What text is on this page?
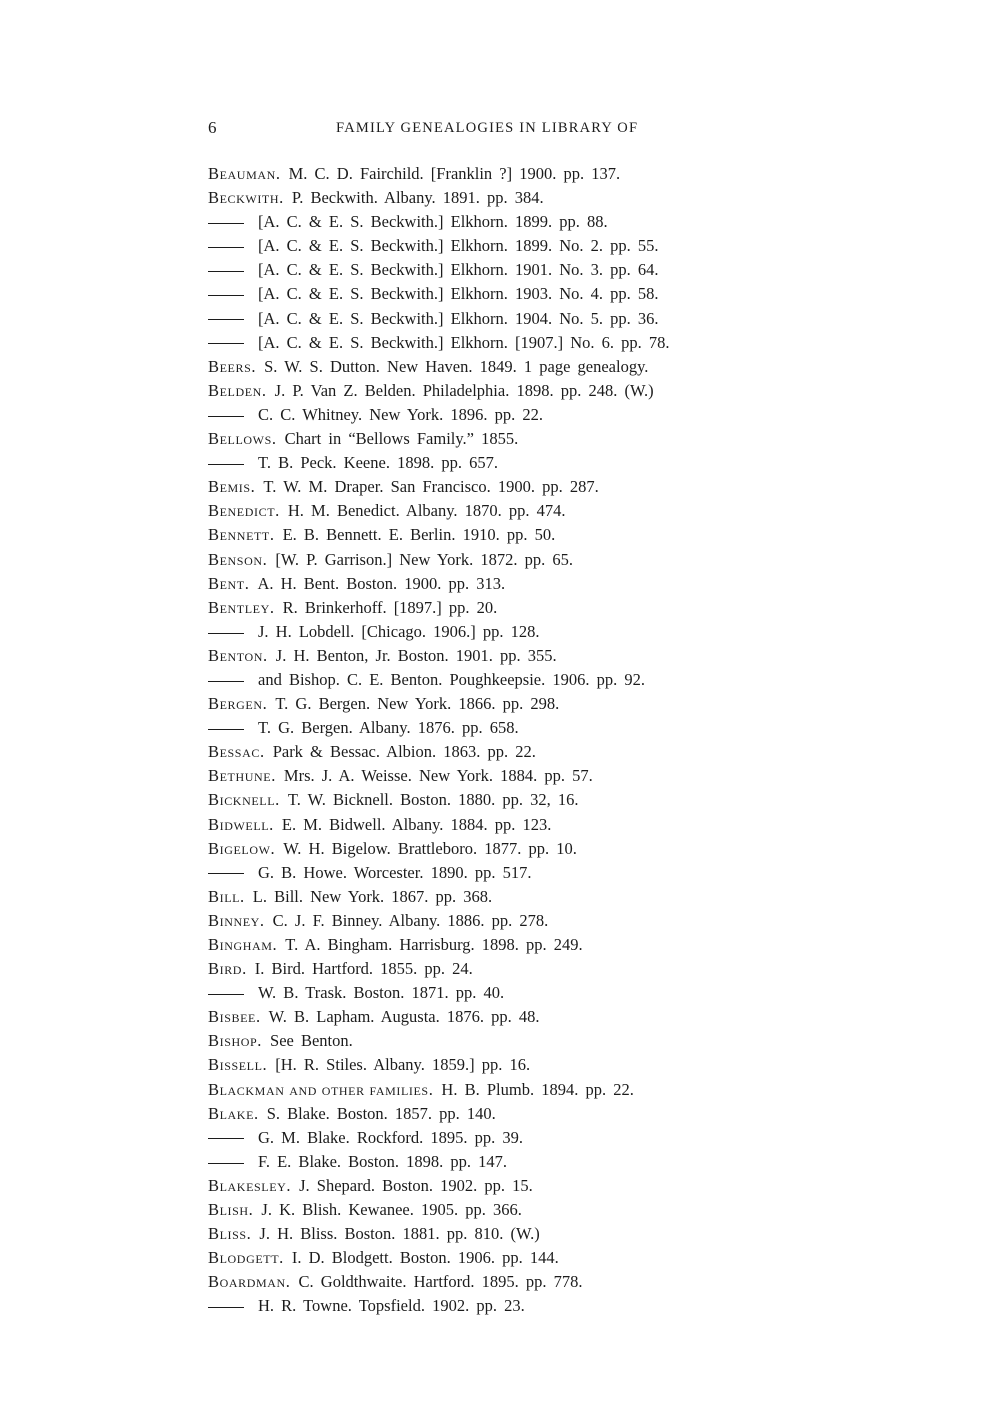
6	FAMILY GENEALOGIES IN LIBRARY OF
Beauman. M. C. D. Fairchild. [Franklin ?] 1900. pp. 137.
Beckwith. P. Beckwith. Albany. 1891. pp. 384.
[A. C. & E. S. Beckwith.] Elkhorn. 1899. pp. 88.
[A. C. & E. S. Beckwith.] Elkhorn. 1899. No. 2. pp. 55.
[A. C. & E. S. Beckwith.] Elkhorn. 1901. No. 3. pp. 64.
[A. C. & E. S. Beckwith.] Elkhorn. 1903. No. 4. pp. 58.
[A. C. & E. S. Beckwith.] Elkhorn. 1904. No. 5. pp. 36.
[A. C. & E. S. Beckwith.] Elkhorn. [1907.] No. 6. pp. 78.
Beers. S. W. S. Dutton. New Haven. 1849. 1 page genealogy.
Belden. J. P. Van Z. Belden. Philadelphia. 1898. pp. 248. (W.)
C. C. Whitney. New York. 1896. pp. 22.
Bellows. Chart in “Bellows Family.” 1855.
T. B. Peck. Keene. 1898. pp. 657.
Bemis. T. W. M. Draper. San Francisco. 1900. pp. 287.
Benedict. H. M. Benedict. Albany. 1870. pp. 474.
Bennett. E. B. Bennett. E. Berlin. 1910. pp. 50.
Benson. [W. P. Garrison.] New York. 1872. pp. 65.
Bent. A. H. Bent. Boston. 1900. pp. 313.
Bentley. R. Brinkerhoff. [1897.] pp. 20.
J. H. Lobdell. [Chicago. 1906.] pp. 128.
Benton. J. H. Benton, Jr. Boston. 1901. pp. 355.
and Bishop. C. E. Benton. Poughkeepsie. 1906. pp. 92.
Bergen. T. G. Bergen. New York. 1866. pp. 298.
T. G. Bergen. Albany. 1876. pp. 658.
Bessac. Park & Bessac. Albion. 1863. pp. 22.
Bethune. Mrs. J. A. Weisse. New York. 1884. pp. 57.
Bicknell. T. W. Bicknell. Boston. 1880. pp. 32, 16.
Bidwell. E. M. Bidwell. Albany. 1884. pp. 123.
Bigelow. W. H. Bigelow. Brattleboro. 1877. pp. 10.
G. B. Howe. Worcester. 1890. pp. 517.
Bill. L. Bill. New York. 1867. pp. 368.
Binney. C. J. F. Binney. Albany. 1886. pp. 278.
Bingham. T. A. Bingham. Harrisburg. 1898. pp. 249.
Bird. I. Bird. Hartford. 1855. pp. 24.
W. B. Trask. Boston. 1871. pp. 40.
Bisbee. W. B. Lapham. Augusta. 1876. pp. 48.
Bishop. See Benton.
Bissell. [H. R. Stiles. Albany. 1859.] pp. 16.
Blackman and other families. H. B. Plumb. 1894. pp. 22.
Blake. S. Blake. Boston. 1857. pp. 140.
G. M. Blake. Rockford. 1895. pp. 39.
F. E. Blake. Boston. 1898. pp. 147.
Blakesley. J. Shepard. Boston. 1902. pp. 15.
Blish. J. K. Blish. Kewanee. 1905. pp. 366.
Bliss. J. H. Bliss. Boston. 1881. pp. 810. (W.)
Blodgett. I. D. Blodgett. Boston. 1906. pp. 144.
Boardman. C. Goldthwaite. Hartford. 1895. pp. 778.
H. R. Towne. Topsfield. 1902. pp. 23.
